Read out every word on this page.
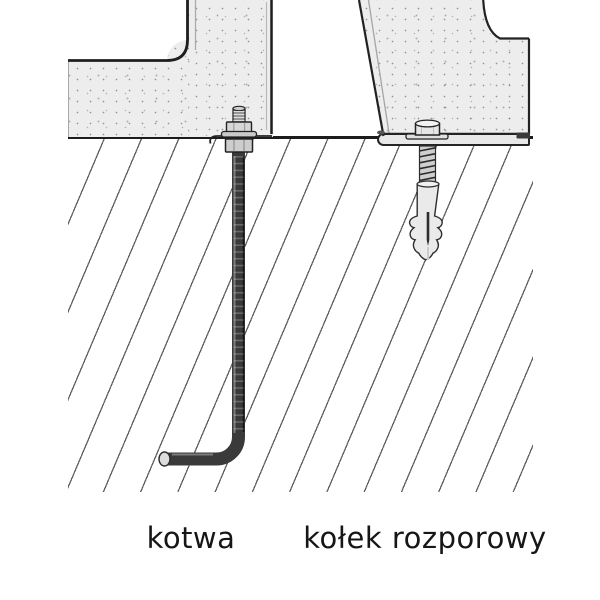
kotwa	kołek rozporowy
